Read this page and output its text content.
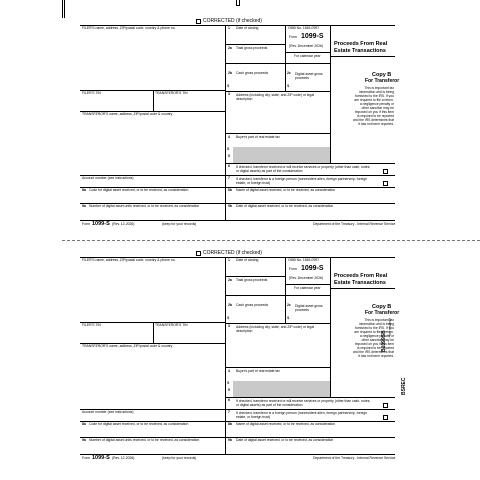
CORRECTED (if checked)
FILER'S name, address, ZIP/postal code, country & phone no.
FILER'S TIN	TRANSFEROR'S TIN
TRANSFEROR'S name, address, ZIP/postal code & country
Account number (see instructions)
8a Code for digital asset received, or to be received, as consideration
9a Number of digital asset units received, or to be received, as consideration
1 Date of closing	OMB No. 1545-0997
Form 1099-S
(Rev. December 2026)
For calendar year
2a Total gross proceeds
2b Cash gross proceeds
$
2c Digital asset gross proceeds
$
3 Address (including city, state, and ZIP code) or legal description
4 Buyer's part of real estate tax
$
5
6 If checked, transferor received or will receive services or property (other than cash, notes, or digital assets) as part of the consideration
7 If checked, transferor is a foreign person (nonresident alien, foreign partnership, foreign estate, or foreign trust)
8b Name of digital asset received, or to be received, as consideration
9b Date of digital asset received, or to be received, as consideration
Proceeds From Real
Estate Transactions
Copy B
For Transferor
This is important tax information and is being furnished to the IRS. If you are required to file a return, a negligence penalty or other sanction may be imposed on you if this item is required to be reported and the IRS determines that it has not been reported.
Form 1099-S (Rev. 12-2026)	(keep for your records)	Department of the Treasury - Internal Revenue Service
CORRECTED (if checked)
FILER'S name, address, ZIP/postal code, country & phone no.
FILER'S TIN	TRANSFEROR'S TIN
TRANSFEROR'S name, address, ZIP/postal code & country
Account number (see instructions)
8a Code for digital asset received, or to be received, as consideration
9a Number of digital asset units received, or to be received, as consideration
1 Date of closing	OMB No. 1545-0997
Form 1099-S
(Rev. December 2026)
For calendar year
2a Total gross proceeds
2b Cash gross proceeds
$
2c Digital asset gross proceeds
$
3 Address (including city, state, and ZIP code) or legal description
4 Buyer's part of real estate tax
$
5
6 If checked, transferor received or will receive services or property (other than cash, notes, or digital assets) as part of the consideration
7 If checked, transferor is a foreign person (nonresident alien, foreign partnership, foreign estate, or foreign trust)
8b Name of digital asset received, or to be received, as consideration
9b Date of digital asset received, or to be received, as consideration
Proceeds From Real
Estate Transactions
Copy B
For Transferor
This is important tax information and is being furnished to the IRS. If you are required to file a return, a negligence penalty or other sanction may be imposed on you if this item is required to be reported and the IRS determines that it has not been reported.
Form 1099-S (Rev. 12-2026)	(keep for your records)	Department of the Treasury - Internal Revenue Service
B1099SB
BSREC
5PT 25WPST
